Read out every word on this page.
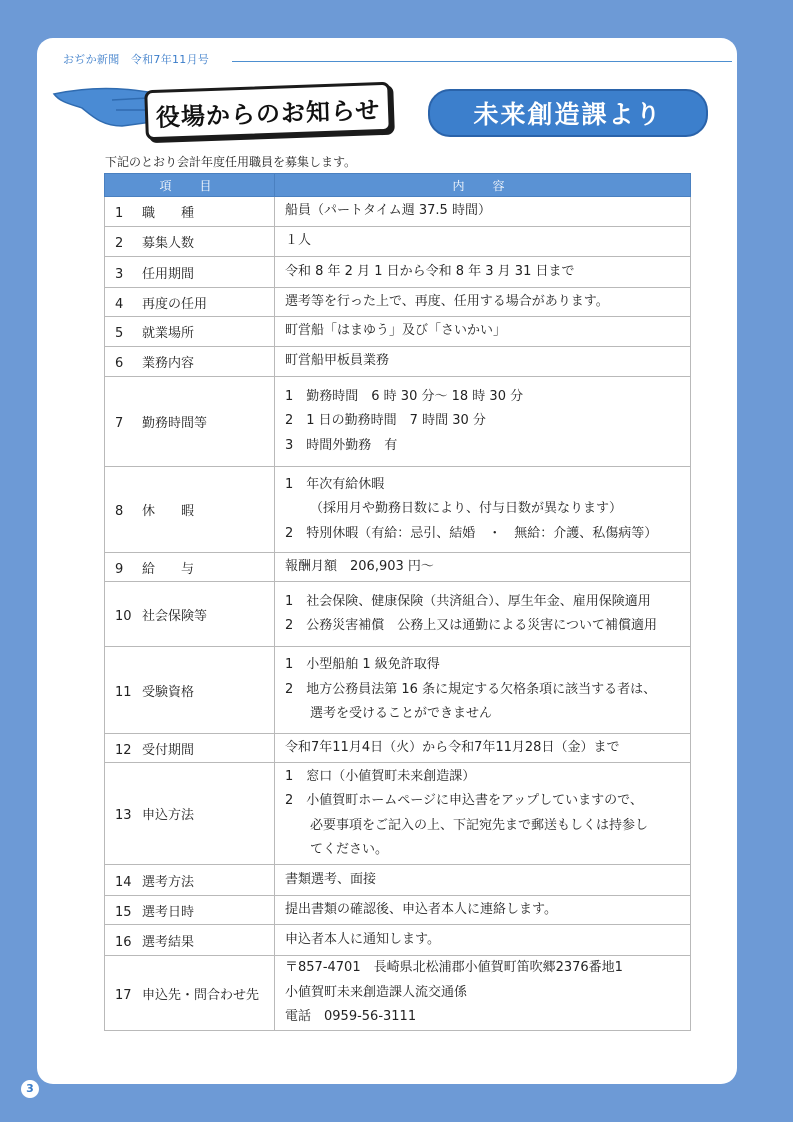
おぢか新聞　令和7年11月号
役場からのお知らせ	未来創造課より
下記のとおり会計年度任用職員を募集します。
項　目	内　容
1 職　　種	船員（パートタイム週 37.5 時間）

2 募集人数	１人

3 任用期間	令和 8 年 2 月 1 日から令和 8 年 3 月 31 日まで

4 再度の任用	選考等を行った上で、再度、任用する場合があります。

5 就業場所	町営船「はまゆう」及び「さいかい」

6 業務内容	町営船甲板員業務

7 勤務時間等	1　勤務時間　6 時 30 分～ 18 時 30 分
2　1 日の勤務時間　7 時間 30 分
3　時間外勤務　有

8 休　　暇	1　年次有給休暇
（採用月や勤務日数により、付与日数が異なります）
2　特別休暇（有給：忌引、結婚　・　無給：介護、私傷病等）

9 給　　与	報酬月額　206,903 円～

10 社会保険等	1　社会保険、健康保険（共済組合）、厚生年金、雇用保険適用
2　公務災害補償　公務上又は通勤による災害について補償適用

11 受験資格	1　小型船舶 1 級免許取得
2　地方公務員法第 16 条に規定する欠格条項に該当する者は、
選考を受けることができません

12 受付期間	令和7年11月4日（火）から令和7年11月28日（金）まで

13 申込方法	1　窓口（小値賀町未来創造課）
2　小値賀町ホームページに申込書をアップしていますので、
必要事項をご記入の上、下記宛先まで郵送もしくは持参し
てください。

14 選考方法	書類選考、面接

15 選考日時	提出書類の確認後、申込者本人に連絡します。

16 選考結果	申込者本人に通知します。

17 申込先・問合わせ先	〒857-4701　長崎県北松浦郡小値賀町笛吹郷2376番地1
小値賀町未来創造課人流交通係
電話　0959-56-3111
3
